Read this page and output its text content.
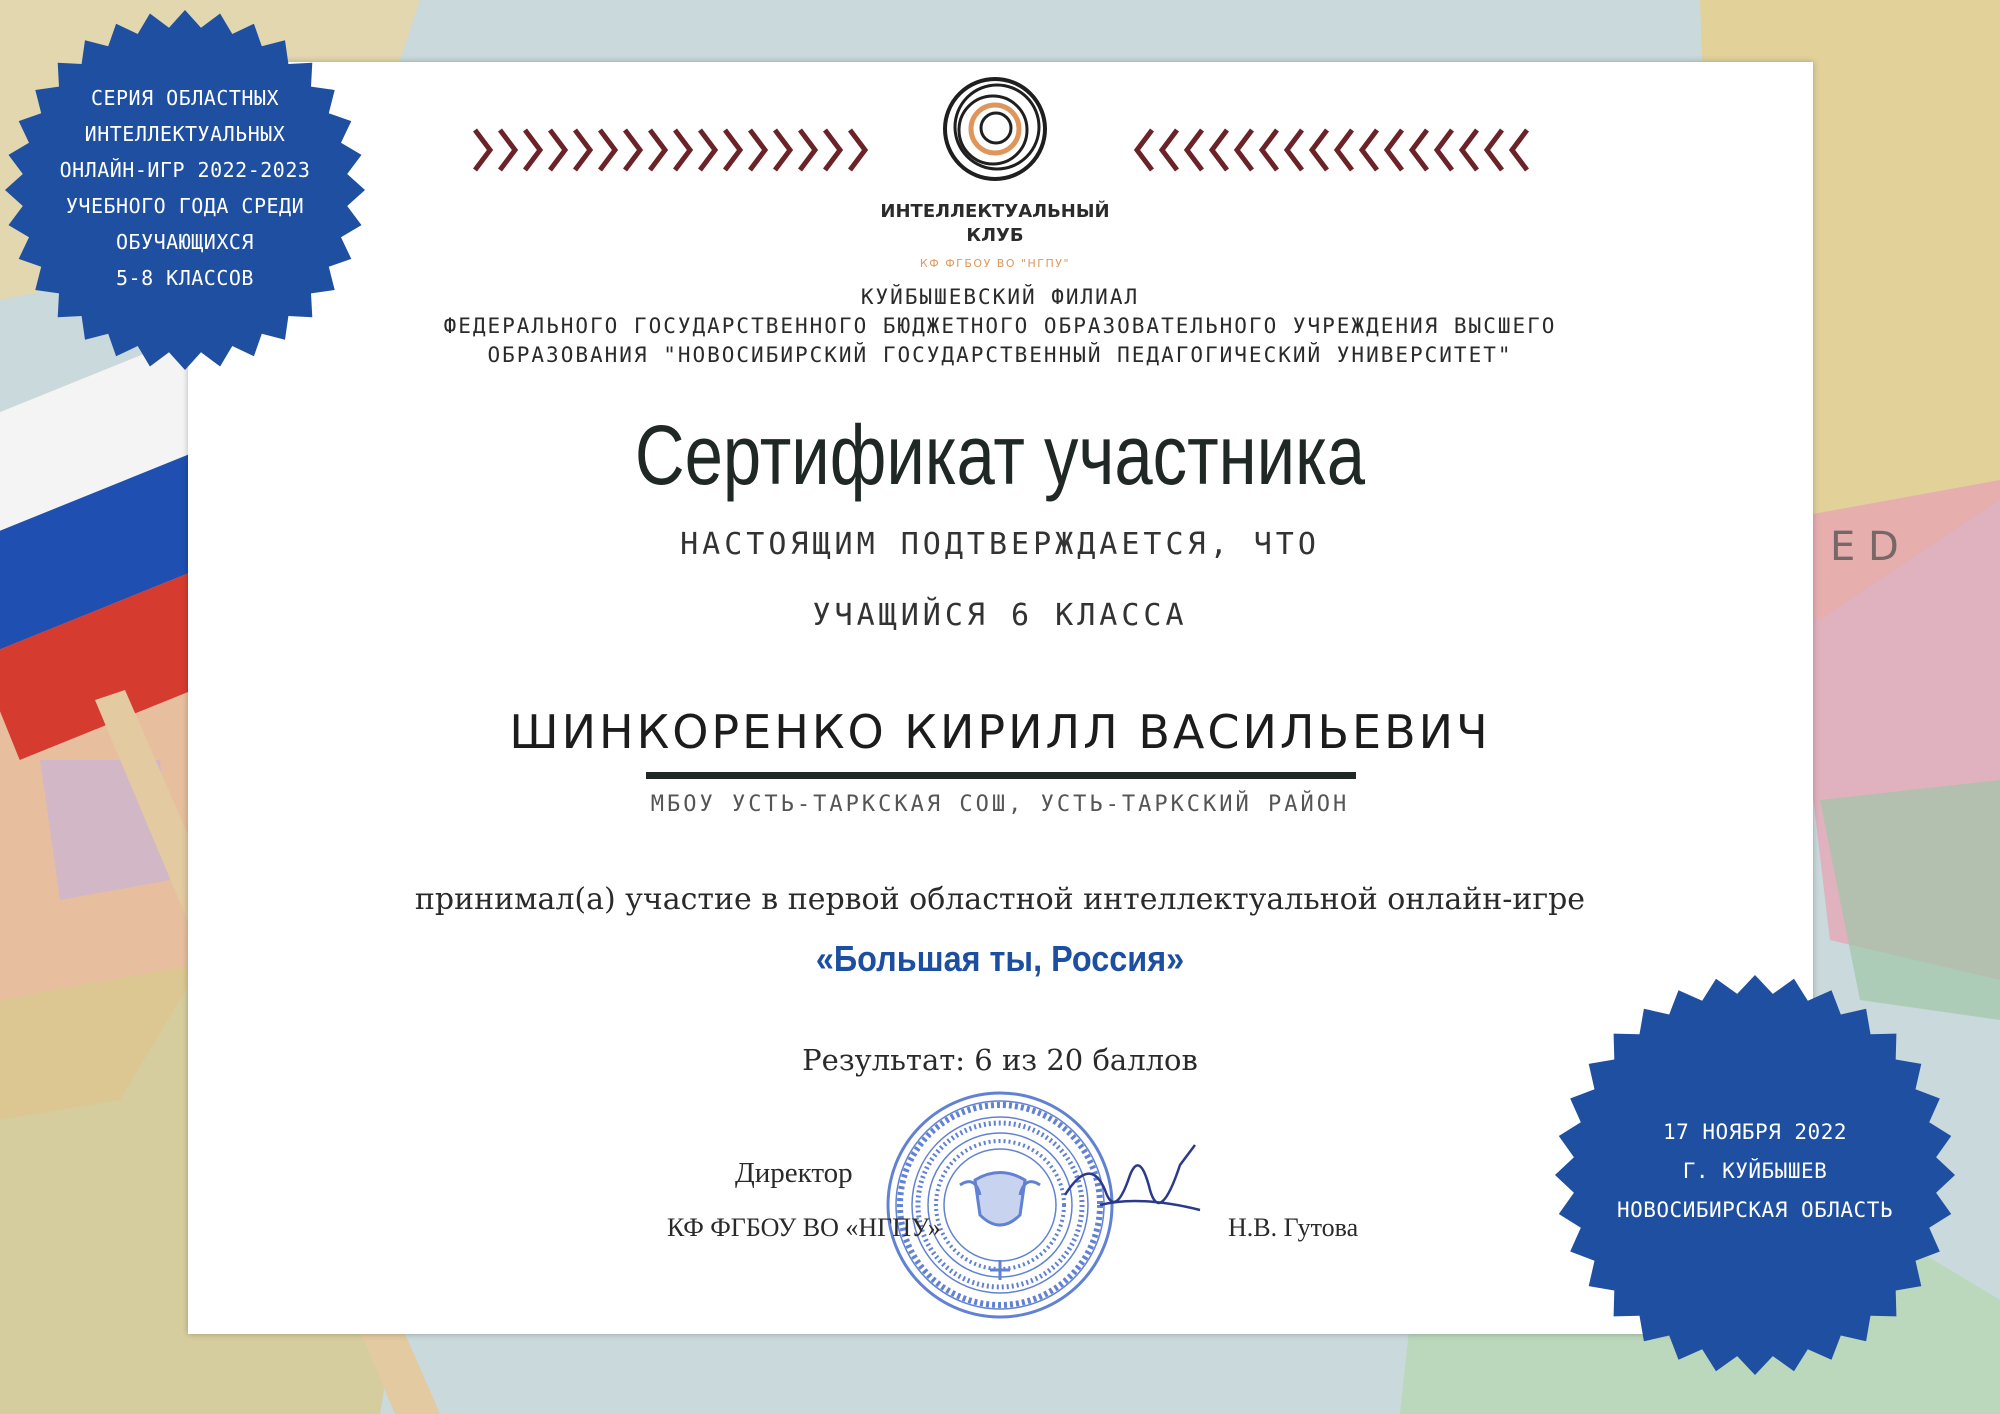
E D
ИНТЕЛЛЕКТУАЛЬНЫЙ
КЛУБ
КФ ФГБОУ ВО "НГПУ"
КУЙБЫШЕВСКИЙ ФИЛИАЛ
ФЕДЕРАЛЬНОГО ГОСУДАРСТВЕННОГО БЮДЖЕТНОГО ОБРАЗОВАТЕЛЬНОГО УЧРЕЖДЕНИЯ ВЫСШЕГО
ОБРАЗОВАНИЯ "НОВОСИБИРСКИЙ ГОСУДАРСТВЕННЫЙ ПЕДАГОГИЧЕСКИЙ УНИВЕРСИТЕТ"
Сертификат участника
НАСТОЯЩИМ ПОДТВЕРЖДАЕТСЯ, ЧТО
УЧАЩИЙСЯ 6 КЛАССА
ШИНКОРЕНКО КИРИЛЛ ВАСИЛЬЕВИЧ
МБОУ УСТЬ-ТАРКСКАЯ СОШ, УСТЬ-ТАРКСКИЙ РАЙОН
принимал(а) участие в первой областной интеллектуальной онлайн-игре
«Большая ты, Россия»
Результат: 6 из 20 баллов
Директор
КФ ФГБОУ ВО «НГПУ»	Н.В. Гутова
СЕРИЯ ОБЛАСТНЫХ
ИНТЕЛЛЕКТУАЛЬНЫХ
ОНЛАЙН-ИГР 2022-2023
УЧЕБНОГО ГОДА СРЕДИ
ОБУЧАЮЩИХСЯ
5-8 КЛАССОВ
17 НОЯБРЯ 2022
Г. КУЙБЫШЕВ
НОВОСИБИРСКАЯ ОБЛАСТЬ
